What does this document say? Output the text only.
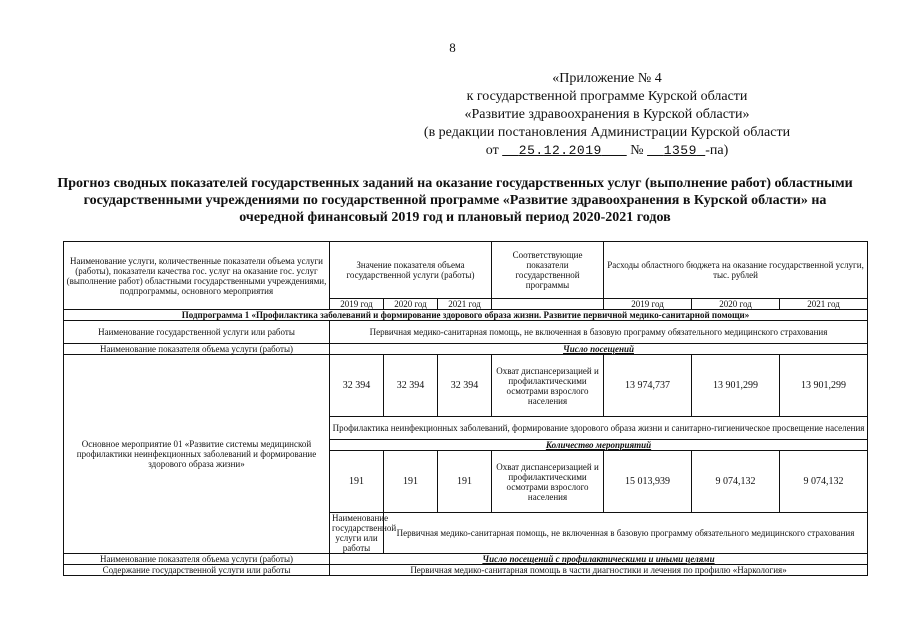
8
«Приложение № 4
к государственной программе Курской области
«Развитие здравоохранения в Курской области»
(в редакции постановления Администрации Курской области
от 25.12.2019 № 1359 -па)
Прогноз сводных показателей государственных заданий на оказание государственных услуг (выполнение работ) областными государственными учреждениями по государственной программе «Развитие здравоохранения в Курской области» на очередной финансовый 2019 год и плановый период 2020-2021 годов
Наименование услуги, количественные показатели объема услуги (работы), показатели качества гос. услуг на оказание гос. услуг (выполнение работ) областными государственными учреждениями, подпрограммы, основного мероприятия	Значение показателя объема государственной услуги (работы)			Соответствующие показатели государственной программы	Расходы областного бюджета на оказание государственной услуги, тыс. рублей		
	2019 год	2020 год	2021 год		2019 год	2020 год	2021 год
Подпрограмма 1 «Профилактика заболеваний и формирование здорового образа жизни. Развитие первичной медико-санитарной помощи»							
Наименование государственной услуги или работы	Первичная медико-санитарная помощь, не включенная в базовую программу обязательного медицинского страхования						
Наименование показателя объема услуги (работы)	Число посещений						
Основное мероприятие 01 «Развитие системы медицинской профилактики неинфекционных заболеваний и формирование здорового образа жизни»	32 394	32 394	32 394	Охват диспансеризацией и профилактическими осмотрами взрослого населения	13 974,737	13 901,299	13 901,299
	Профилактика неинфекционных заболеваний, формирование здорового образа жизни и санитарно-гигиеническое просвещение населения						
	Количество мероприятий						
	191	191	191	Охват диспансеризацией и профилактическими осмотрами взрослого населения	15 013,939	9 074,132	9 074,132
	Наименование государственной услуги или работы	Первичная медико-санитарная помощь, не включенная в базовую программу обязательного медицинского страхования					
Наименование показателя объема услуги (работы)	Число посещений с профилактическими и иными целями						
Содержание государственной услуги или работы	Первичная медико-санитарная помощь в части диагностики и лечения по профилю «Наркология»						
